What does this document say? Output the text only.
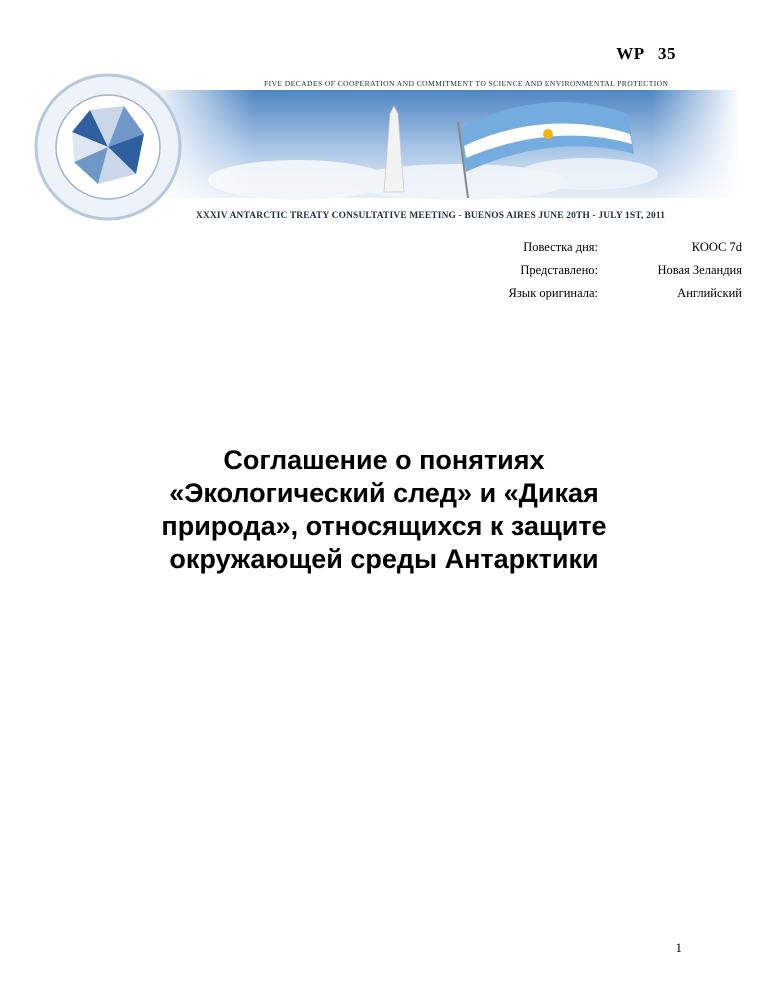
WP   35
FIVE DECADES OF COOPERATION AND COMMITMENT TO SCIENCE AND ENVIRONMENTAL PROTECTION
XXXIV ANTARCTIC TREATY CONSULTATIVE MEETING - BUENOS AIRES JUNE 20TH - JULY 1ST, 2011
Повестка дня:	КООС 7d
Представлено:	Новая Зеландия
Язык оригинала:	Английский
Соглашение о понятиях
«Экологический след» и «Дикая
природа», относящихся к защите
окружающей среды Антарктики
1
